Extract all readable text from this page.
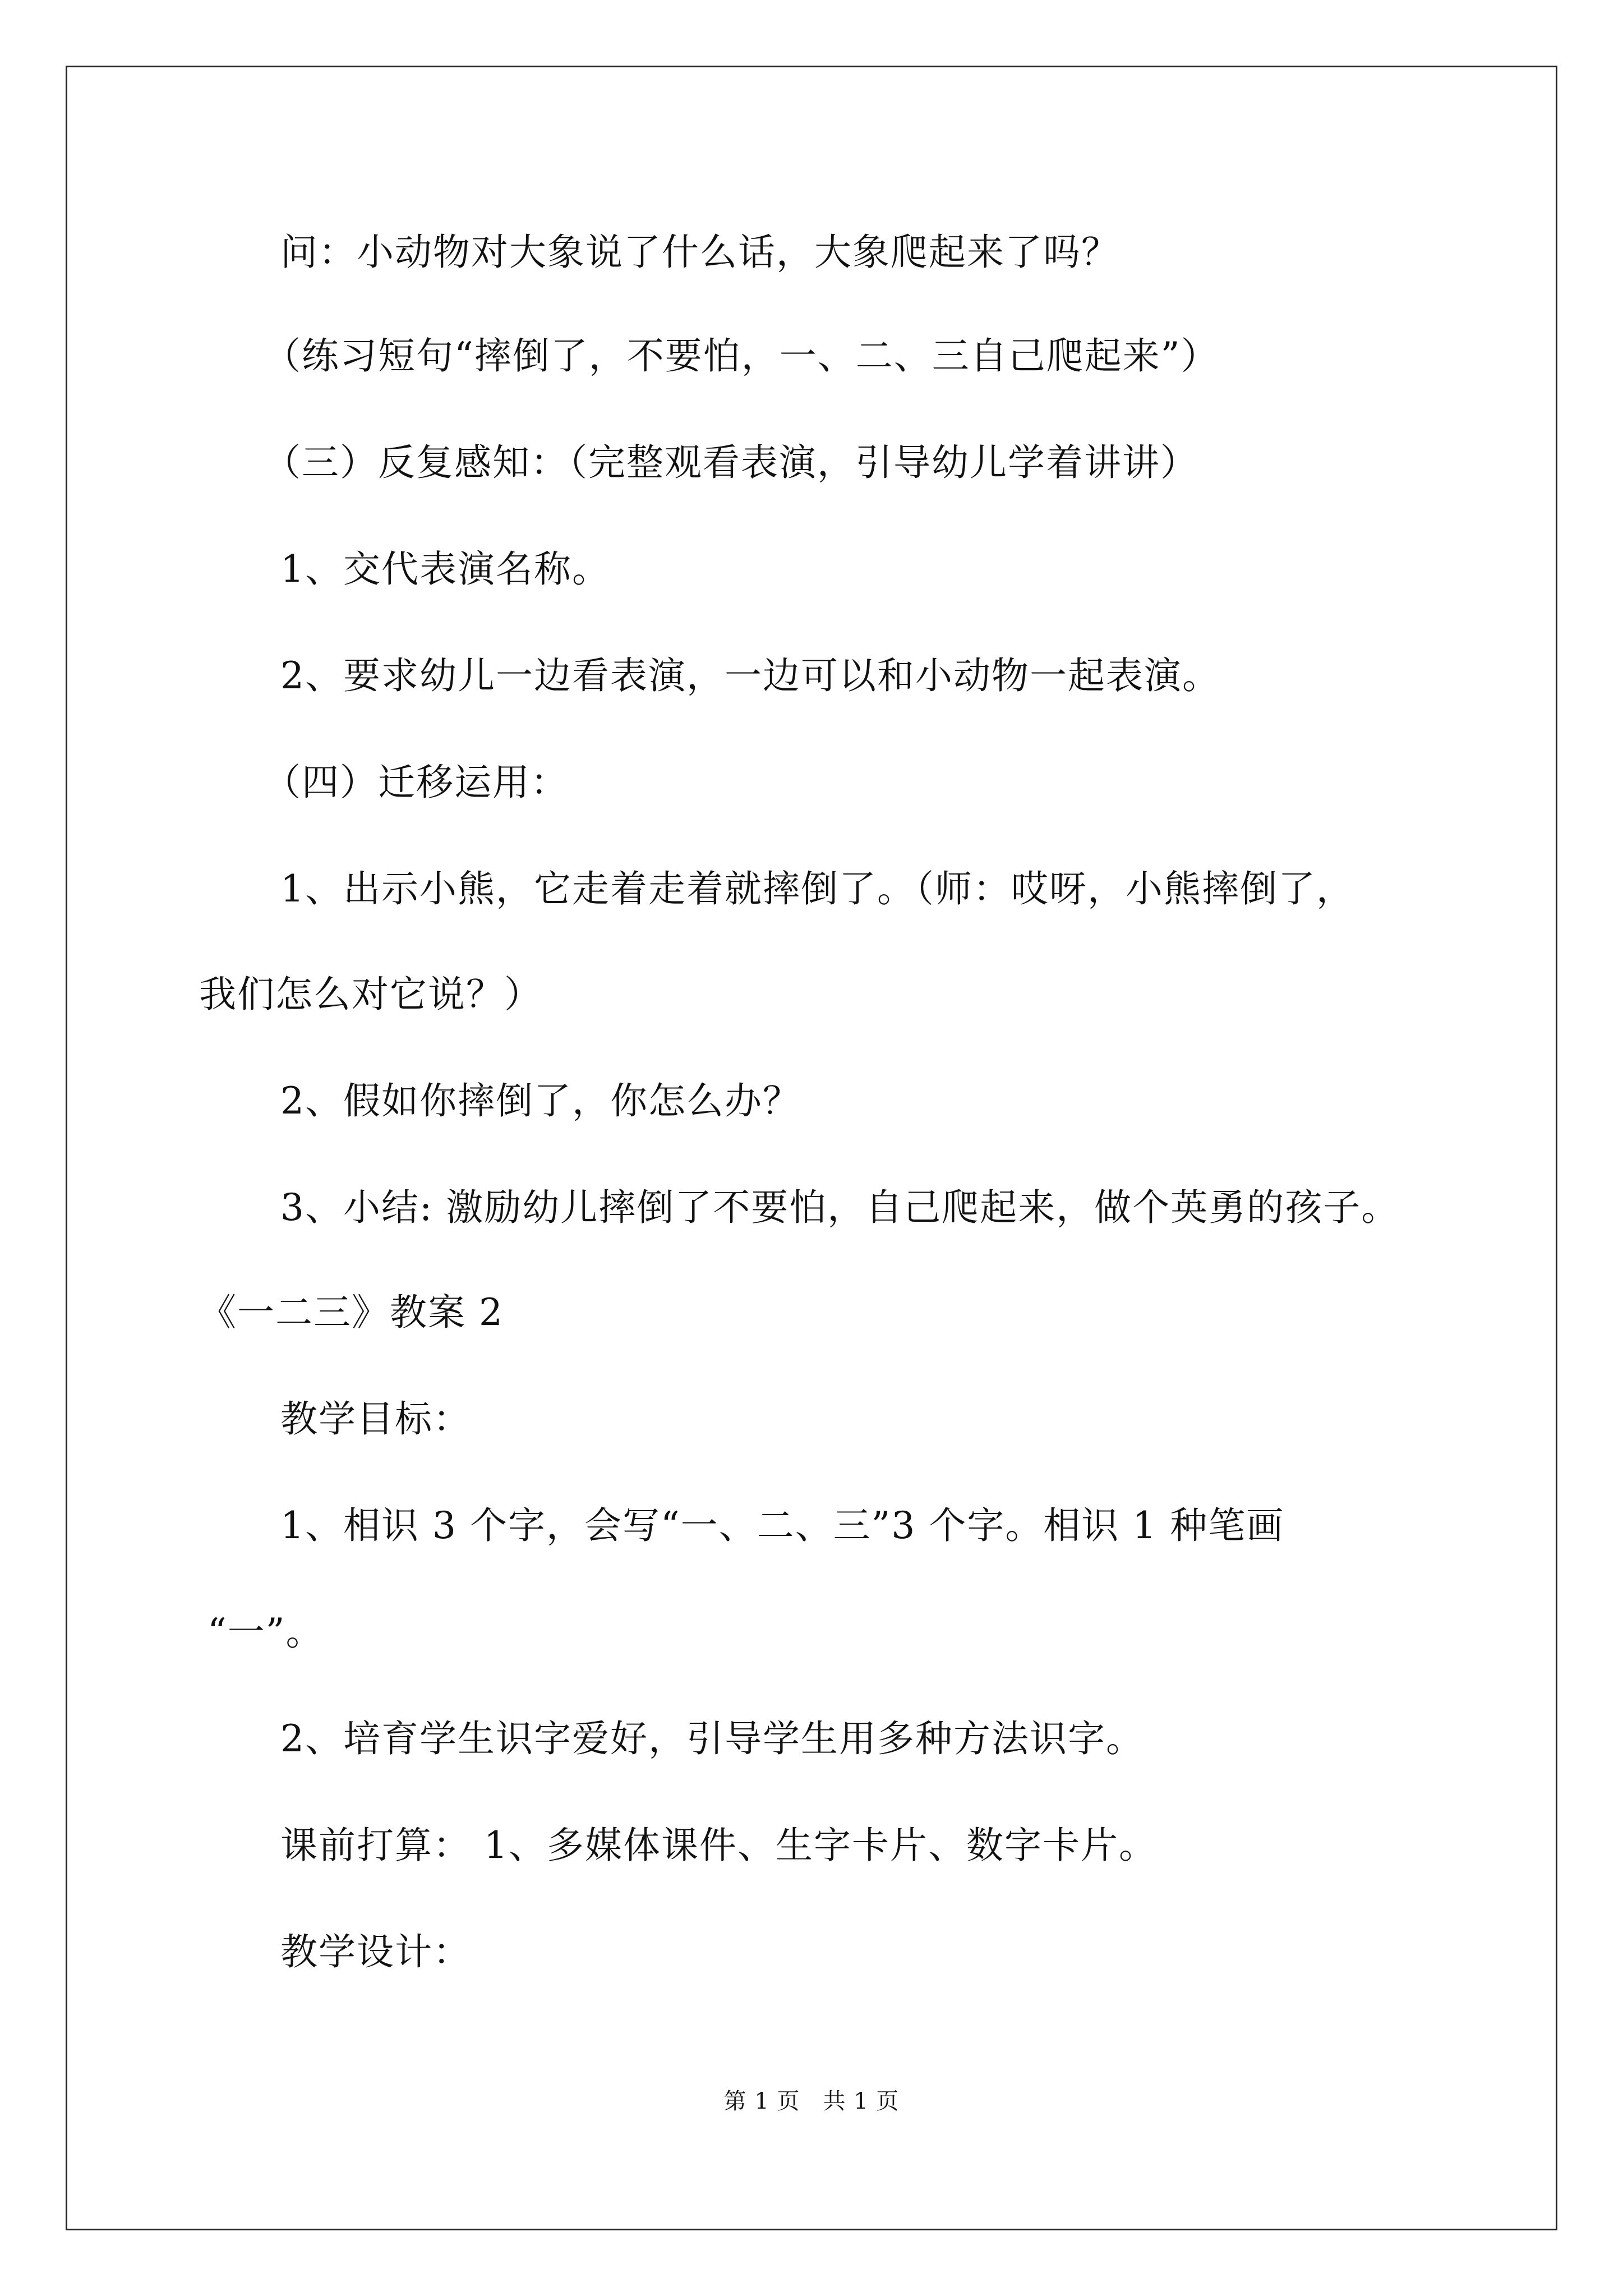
问：小动物对大象说了什么话，大象爬起来了吗？
（练习短句“摔倒了，不要怕，一、二、三自己爬起来”）
（三）反复感知：（完整观看表演，引导幼儿学着讲讲）
1、交代表演名称。
2、要求幼儿一边看表演，一边可以和小动物一起表演。
（四）迁移运用：
1、出示小熊，它走着走着就摔倒了。（师：哎呀，小熊摔倒了，
我们怎么对它说？）
2、假如你摔倒了，你怎么办？
3、小结: 激励幼儿摔倒了不要怕，自己爬起来，做个英勇的孩子。
《一二三》教案 2
教学目标：
1、相识 3 个字，会写“一、二、三”3 个字。相识 1 种笔画
“一”。
2、培育学生识字爱好，引导学生用多种方法识字。
课前打算： 1、多媒体课件、生字卡片、数字卡片。
教学设计：
第 1 页　共 1 页
